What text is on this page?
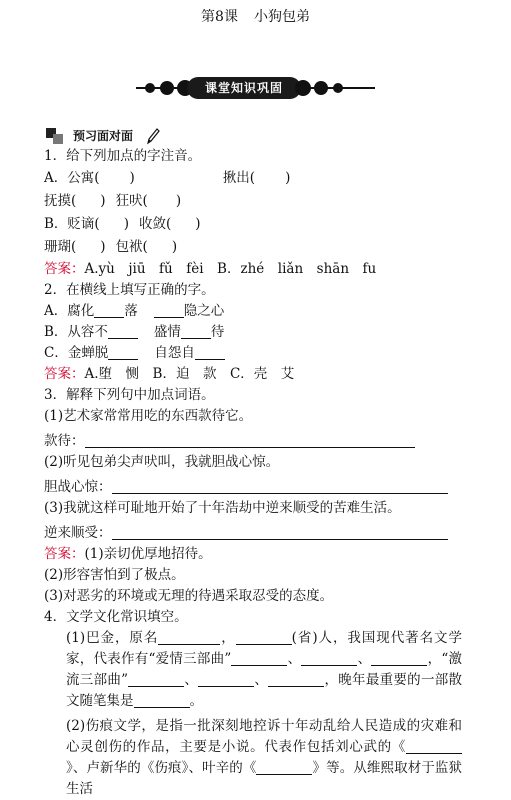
第8课 小狗包弟
课堂知识巩固
预习面对面
1．给下列加点的字注音。
A．公寓( )	揪出( )
抚摸( ) 狂吠( )
B．贬谪( ) 收敛( )
珊瑚( ) 包袱( )
答案：A.yù　jiū　fǔ　fèi　B．zhé　liǎn　shān　fu
2．在横线上填写正确的字。
A．腐化 落	隐之心
B．从容不	盛情 待
C．金蝉脱	自怨自
答案：A.堕　恻　B．迫　款　C．壳　艾
3．解释下列句中加点词语。
(1)艺术家常常用吃的东西款待它。
款待：
(2)听见包弟尖声吠叫，我就胆战心惊。
胆战心惊：
(3)我就这样可耻地开始了十年浩劫中逆来顺受的苦难生活。
逆来顺受：
答案：(1)亲切优厚地招待。
(2)形容害怕到了极点。
(3)对恶劣的环境或无理的待遇采取忍受的态度。
4．文学文化常识填空。
(1)巴金，原名	，	(省)人，我国现代著名文学家，代表作有“爱情三部曲”	、	、	，“激流三部曲”	、	、	，晚年最重要的一部散文随笔集是	。
(2)伤痕文学，是指一批深刻地控诉十年动乱给人民造成的灾难和心灵创伤的作品，主要是小说。代表作包括刘心武的《》、卢新华的《伤痕》、叶辛的《	》等。从维熙取材于监狱生活
